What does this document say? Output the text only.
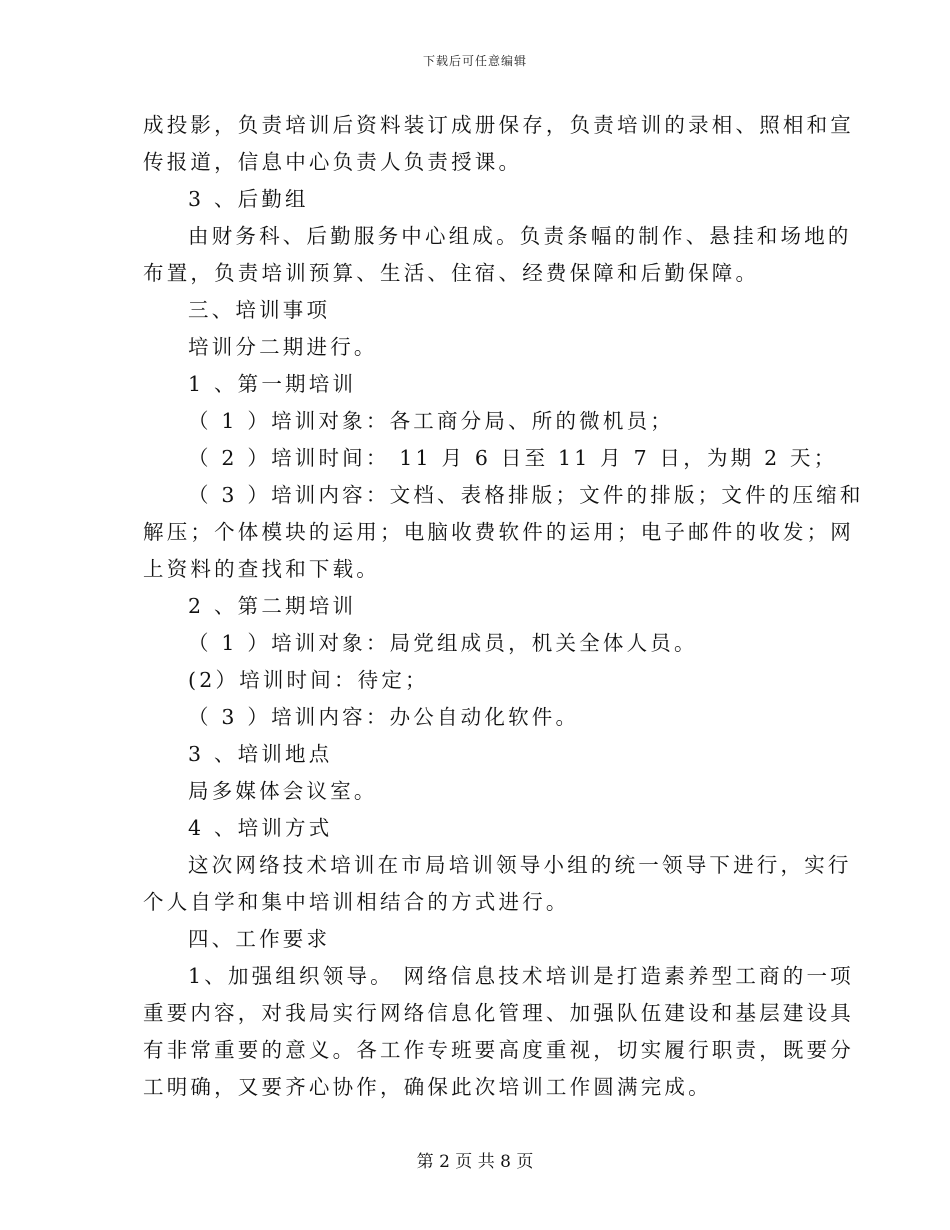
下载后可任意编辑
成投影，负责培训后资料装订成册保存，负责培训的录相、照相和宣
传报道，信息中心负责人负责授课。
3 、后勤组
由财务科、后勤服务中心组成。负责条幅的制作、悬挂和场地的
布置，负责培训预算、生活、住宿、经费保障和后勤保障。
三、培训事项
培训分二期进行。
1 、第一期培训
（ 1 ）培训对象：各工商分局、所的微机员；
（ 2 ）培训时间： 11 月 6 日至 11 月 7 日，为期 2 天；
（ 3 ）培训内容：文档、表格排版；文件的排版；文件的压缩和
解压；个体模块的运用；电脑收费软件的运用；电子邮件的收发；网
上资料的查找和下载。
2 、第二期培训
（ 1 ）培训对象：局党组成员，机关全体人员。
(2）培训时间：待定；
（ 3 ）培训内容：办公自动化软件。
3 、培训地点
局多媒体会议室。
4 、培训方式
这次网络技术培训在市局培训领导小组的统一领导下进行，实行
个人自学和集中培训相结合的方式进行。
四、工作要求
1、加强组织领导。 网络信息技术培训是打造素养型工商的一项
重要内容，对我局实行网络信息化管理、加强队伍建设和基层建设具
有非常重要的意义。各工作专班要高度重视，切实履行职责，既要分
工明确，又要齐心协作，确保此次培训工作圆满完成。
第 2 页 共 8 页
